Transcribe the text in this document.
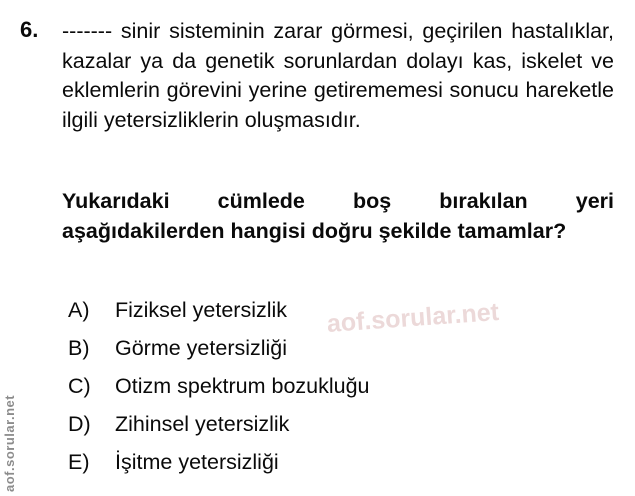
6. ------- sinir sisteminin zarar görmesi, geçirilen hastalıklar, kazalar ya da genetik sorunlardan dolayı kas, iskelet ve eklemlerin görevini yerine getirememesi sonucu hareketle ilgili yetersizliklerin oluşmasıdır.
Yukarıdaki cümlede boş bırakılan yeri aşağıdakilerden hangisi doğru şekilde tamamlar?
A)	Fiziksel yetersizlik
B)	Görme yetersizliği
C)	Otizm spektrum bozukluğu
D)	Zihinsel yetersizlik
E)	İşitme yetersizliği
aof.sorular.net
aof.sorular.net
